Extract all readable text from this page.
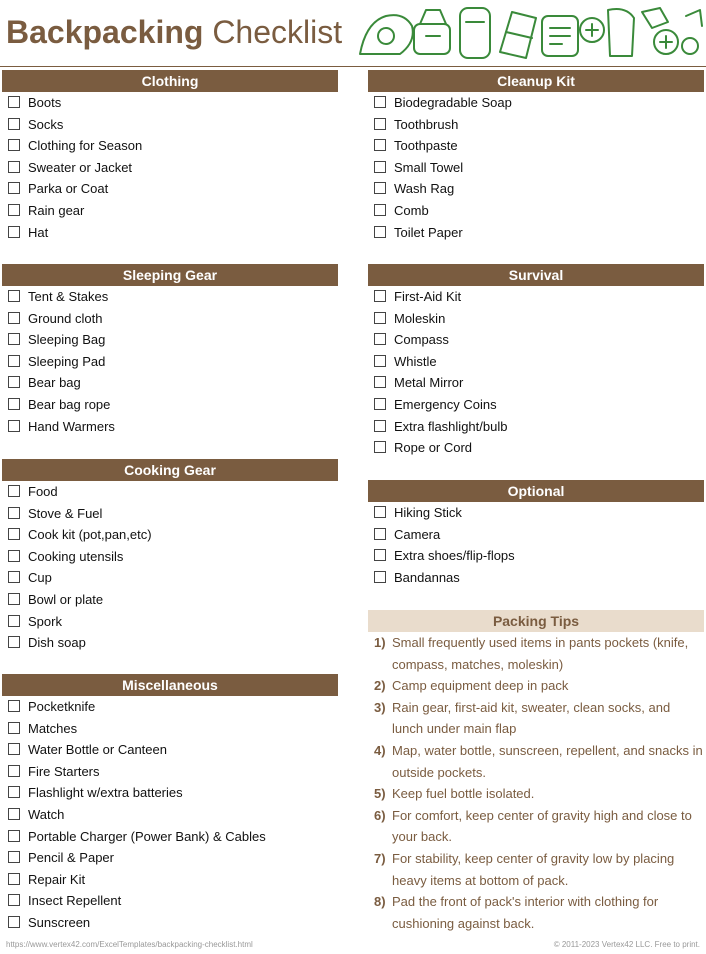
Backpacking Checklist
Packing Tips
1) Small frequently used items in pants pockets (knife, compass, matches, moleskin)
2) Camp equipment deep in pack
3) Rain gear, first-aid kit, sweater, clean socks, and lunch under main flap
4) Map, water bottle, sunscreen, repellent, and snacks in outside pockets.
5) Keep fuel bottle isolated.
6) For comfort, keep center of gravity high and close to your back.
7) For stability, keep center of gravity low by placing heavy items at bottom of pack.
8) Pad the front of pack's interior with clothing for cushioning against back.
https://www.vertex42.com/ExcelTemplates/backpacking-checklist.html	© 2011-2023 Vertex42 LLC. Free to print.
Clothing
Boots
Socks
Clothing for Season
Sweater or Jacket
Parka or Coat
Rain gear
Hat
Sleeping Gear
Tent & Stakes
Ground cloth
Sleeping Bag
Sleeping Pad
Bear bag
Bear bag rope
Hand Warmers
Cooking Gear
Food
Stove & Fuel
Cook kit (pot,pan,etc)
Cooking utensils
Cup
Bowl or plate
Spork
Dish soap
Miscellaneous
Pocketknife
Matches
Water Bottle or Canteen
Fire Starters
Flashlight w/extra batteries
Watch
Portable Charger (Power Bank) & Cables
Pencil & Paper
Repair Kit
Insect Repellent
Sunscreen
Cleanup Kit
Biodegradable Soap
Toothbrush
Toothpaste
Small Towel
Wash Rag
Comb
Toilet Paper
Survival
First-Aid Kit
Moleskin
Compass
Whistle
Metal Mirror
Emergency Coins
Extra flashlight/bulb
Rope or Cord
Optional
Hiking Stick
Camera
Extra shoes/flip-flops
Bandannas
